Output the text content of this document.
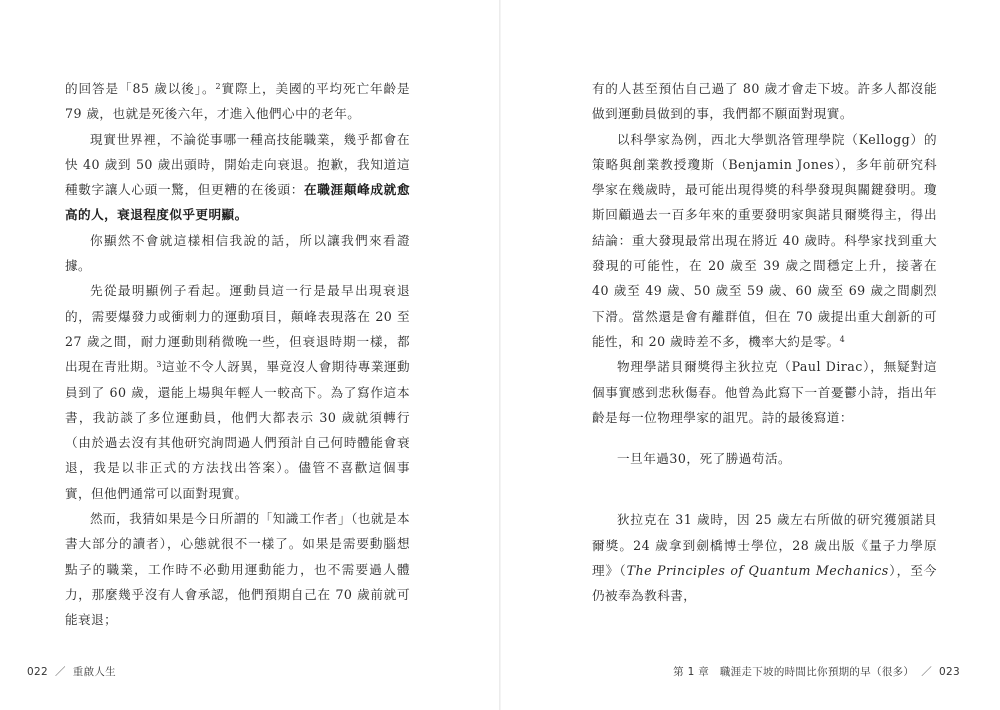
的回答是「85 歲以後」。$^2$實際上，美國的平均死亡年齡是 79 歲，也就是死後六年，才進入他們心中的老年。

現實世界裡，不論從事哪一種高技能職業，幾乎都會在快 40 歲到 50 歲出頭時，開始走向衰退。抱歉，我知道這種數字讓人心頭一驚，但更糟的在後頭：在職涯顛峰成就愈高的人，衰退程度似乎更明顯。

你顯然不會就這樣相信我說的話，所以讓我們來看證據。

先從最明顯例子看起。運動員這一行是最早出現衰退的，需要爆發力或衝刺力的運動項目，顛峰表現落在 20 至 27 歲之間，耐力運動則稍微晚一些，但衰退時期一樣，都出現在青壯期。$^3$這並不令人訝異，畢竟沒人會期待專業運動員到了 60 歲，還能上場與年輕人一較高下。為了寫作這本書，我訪談了多位運動員，他們大都表示 30 歲就須轉行（由於過去沒有其他研究詢問過人們預計自己何時體能會衰退，我是以非正式的方法找出答案）。儘管不喜歡這個事實，但他們通常可以面對現實。

然而，我猜如果是今日所謂的「知識工作者」（也就是本書大部分的讀者），心態就很不一樣了。如果是需要動腦想點子的職業，工作時不必動用運動能力，也不需要過人體力，那麼幾乎沒有人會承認，他們預期自己在 70 歲前就可能衰退；

022 ／ 重啟人生

有的人甚至預估自己過了 80 歲才會走下坡。許多人都沒能做到運動員做到的事，我們都不願面對現實。

以科學家為例，西北大學凱洛管理學院（Kellogg）的策略與創業教授瓊斯（Benjamin Jones），多年前研究科學家在幾歲時，最可能出現得獎的科學發現與關鍵發明。瓊斯回顧過去一百多年來的重要發明家與諾貝爾獎得主，得出結論：重大發現最常出現在將近 40 歲時。科學家找到重大發現的可能性，在 20 歲至 39 歲之間穩定上升，接著在 40 歲至 49 歲、50 歲至 59 歲、60 歲至 69 歲之間劇烈下滑。當然還是會有離群值，但在 70 歲提出重大創新的可能性，和 20 歲時差不多，機率大約是零。$^4$

物理學諾貝爾獎得主狄拉克（Paul Dirac），無疑對這個事實感到悲秋傷春。他曾為此寫下一首憂鬱小詩，指出年齡是每一位物理學家的詛咒。詩的最後寫道：

一旦年過30，死了勝過苟活。

狄拉克在 31 歲時，因 25 歲左右所做的研究獲頒諾貝爾獎。24 歲拿到劍橋博士學位，28 歲出版《量子力學原理》（The Principles of Quantum Mechanics），至今仍被奉為教科書，

第 1 章　職涯走下坡的時間比你預期的早（很多） ／ 023
